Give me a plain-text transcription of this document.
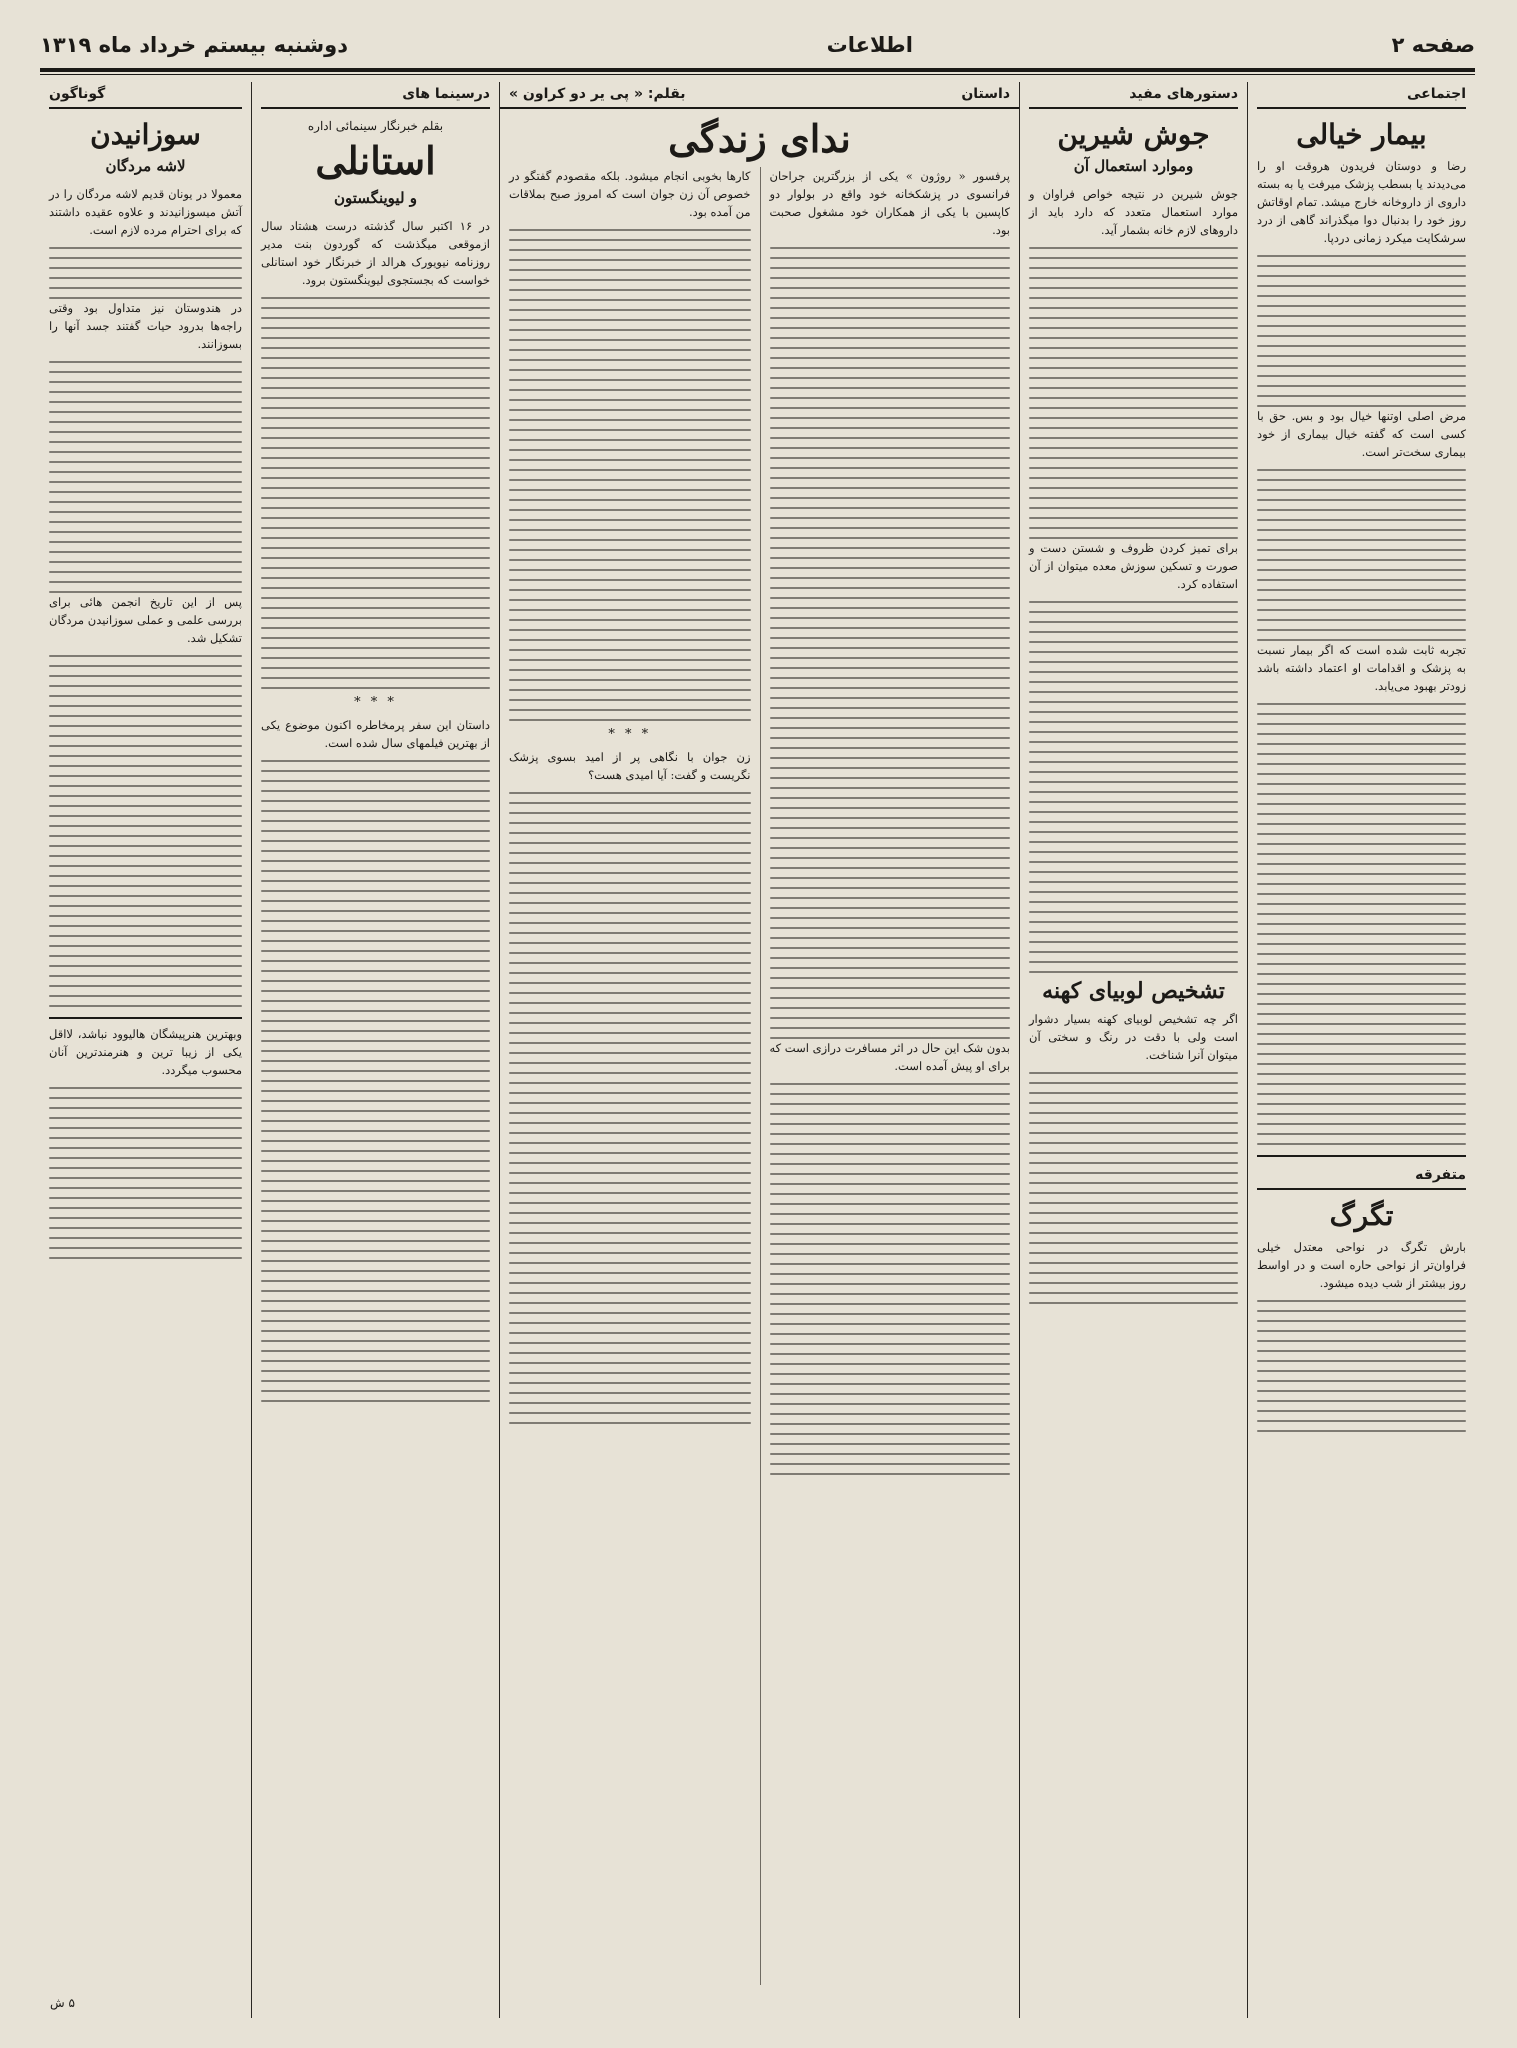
صفحه ۲
اطلاعات
دوشنبه بیستم خرداد ماه ۱۳۱۹
اجتماعی
بیمار خیالی

رضا و دوستان فریدون هروقت او را می‌دیدند یا بسطب پزشک میرفت یا به بسته داروی از داروخانه خارج میشد. تمام اوقاتش روز خود را بدنبال دوا میگذراند گاهی از درد سرشکایت میکرد زمانی دردپا.

مرض اصلی اوتنها خیال بود و بس. حق با کسی است که گفته خیال بیماری از خود بیماری سخت‌تر است.

تجربه ثابت شده است که اگر بیمار نسبت به پزشک و اقدامات او اعتماد داشته باشد زودتر بهبود می‌یابد.

متفرقه
تگرگ

بارش تگرگ در نواحی معتدل خیلی فراوان‌تر از نواحی حاره است و در اواسط روز بیشتر از شب دیده میشود.

دستورهای مفید
جوش شیرین
وموارد استعمال آن

جوش شیرین در نتیجه خواص فراوان و موارد استعمال متعدد که دارد باید از داروهای لازم خانه بشمار آید.

برای تمیز کردن ظروف و شستن دست و صورت و تسکین سوزش معده میتوان از آن استفاده کرد.

تشخیص لوبیای کهنه

اگر چه تشخیص لوبیای کهنه بسیار دشوار است ولی با دقت در رنگ و سختی آن میتوان آنرا شناخت.

داستان
بقلم: « پی یر دو کراون »
ندای زندگی

پرفسور « روژون » یکی از بزرگترین جراحان فرانسوی در پزشکخانه خود واقع در بولوار دو کاپسین با یکی از همکاران خود مشغول صحبت بود.

بدون شک این حال در اثر مسافرت درازی است که برای او پیش آمده است.

کارها بخوبی انجام میشود. بلکه مقصودم گفتگو در خصوص آن زن جوان است که امروز صبح بملاقات من آمده بود.

* * *

زن جوان با نگاهی پر از امید بسوی پزشک نگریست و گفت: آیا امیدی هست؟

درسینما های
بقلم خبرنگار سینمائی اداره
استانلی
و لیوینگستون

در ۱۶ اکتبر سال گذشته درست هشتاد سال ازموقعی میگذشت که گوردون بنت مدیر روزنامه نیویورک هرالد از خبرنگار خود استانلی خواست که بجستجوی لیوینگستون برود.

* * *

داستان این سفر پرمخاطره اکنون موضوع یکی از بهترین فیلمهای سال شده است.

گوناگون
سوزانیدن
لاشه مردگان

معمولا در یونان قدیم لاشه مردگان را در آتش میسوزانیدند و علاوه عقیده داشتند که برای احترام مرده لازم است.

در هندوستان نیز متداول بود وقتی راجه‌ها بدرود حیات گفتند جسد آنها را بسوزانند.

پس از این تاریخ انجمن هائی برای بررسی علمی و عملی سوزانیدن مردگان تشکیل شد.

وبهترین هنرپیشگان هالیوود نباشد، لااقل یکی از زیبا ترین و هنرمندترین آنان محسوب میگردد.

۵ ش
